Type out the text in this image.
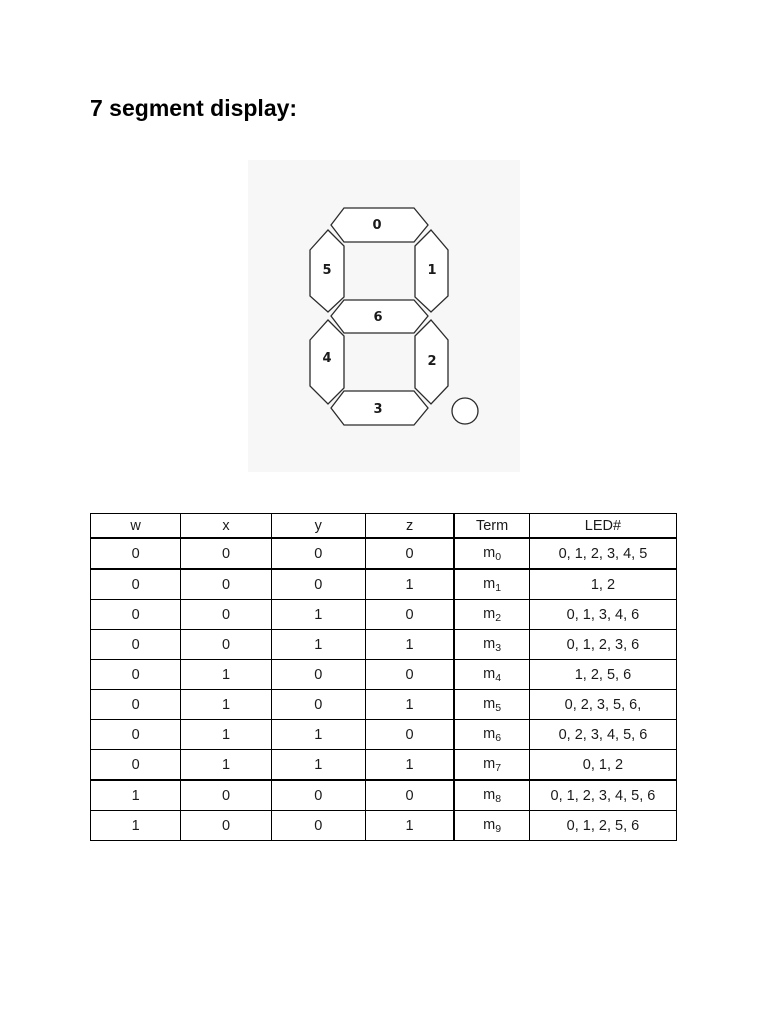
7 segment display:
0
5	1
6
4	2
3
w	x	y	z	Term	LED#
0	0	0	0	$m_0$	0, 1, 2, 3, 4, 5
0	0	0	1	$m_1$	1, 2
0	0	1	0	$m_2$	0, 1, 3, 4, 6
0	0	1	1	$m_3$	0, 1, 2, 3, 6
0	1	0	0	$m_4$	1, 2, 5, 6
0	1	0	1	$m_5$	0, 2, 3, 5, 6,
0	1	1	0	$m_6$	0, 2, 3, 4, 5, 6
0	1	1	1	$m_7$	0, 1, 2
1	0	0	0	$m_8$	0, 1, 2, 3, 4, 5, 6
1	0	0	1	$m_9$	0, 1, 2, 5, 6
